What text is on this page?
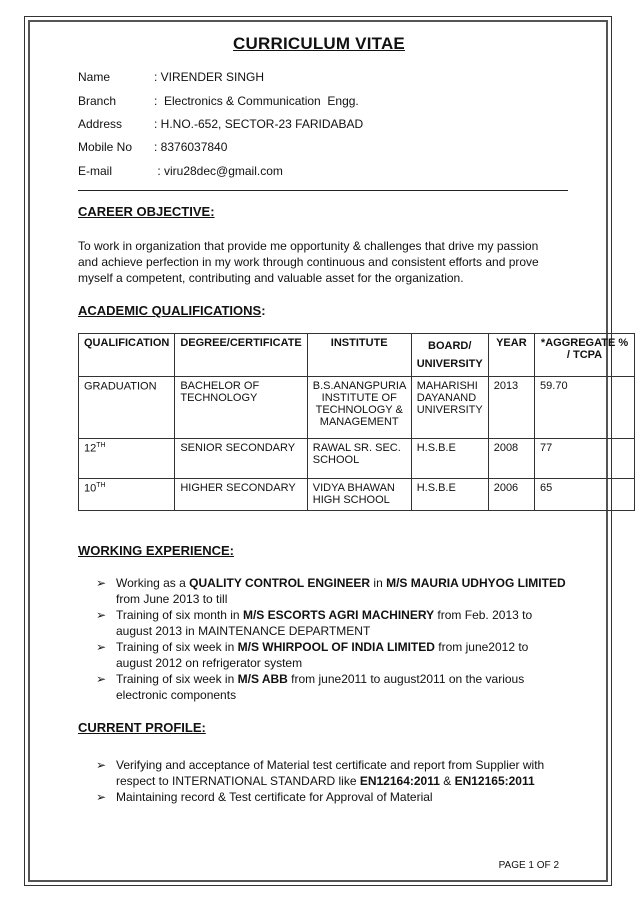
CURRICULUM VITAE
Name	: VIRENDER SINGH
Branch	:  Electronics & Communication  Engg.
Address	: H.NO.-652, SECTOR-23 FARIDABAD
Mobile No : 8376037840
E-mail	: viru28dec@gmail.com
CAREER OBJECTIVE:
To work in organization that provide me opportunity & challenges that drive my passion and achieve perfection in my work through continuous and consistent efforts and prove myself a competent, contributing and valuable asset for the organization.
ACADEMIC QUALIFICATIONS:
QUALIFICATION	DEGREE/CERTIFICATE	INSTITUTE	BOARD/ UNIVERSITY	YEAR	*AGGREGATE % / TCPA
GRADUATION	BACHELOR OF TECHNOLOGY	B.S.ANANGPURIA INSTITUTE OF TECHNOLOGY & MANAGEMENT	MAHARISHI DAYANAND UNIVERSITY	2013	59.70
12TH	SENIOR SECONDARY	RAWAL SR. SEC. SCHOOL	H.S.B.E	2008	77
10TH	HIGHER SECONDARY	VIDYA BHAWAN HIGH SCHOOL	H.S.B.E	2006	65
WORKING EXPERIENCE:
➢ Working as a QUALITY CONTROL ENGINEER in M/S MAURIA UDHYOG LIMITED from June 2013 to till
➢ Training of six month in M/S ESCORTS AGRI MACHINERY from Feb. 2013 to august 2013 in MAINTENANCE DEPARTMENT
➢ Training of six week in M/S WHIRPOOL OF INDIA LIMITED from june2012 to august 2012 on refrigerator system
➢ Training of six week in M/S ABB from june2011 to august2011 on the various electronic components
CURRENT PROFILE:
➢ Verifying and acceptance of Material test certificate and report from Supplier with respect to INTERNATIONAL STANDARD like EN12164:2011 & EN12165:2011
➢ Maintaining record & Test certificate for Approval of Material
PAGE 1 OF 2
